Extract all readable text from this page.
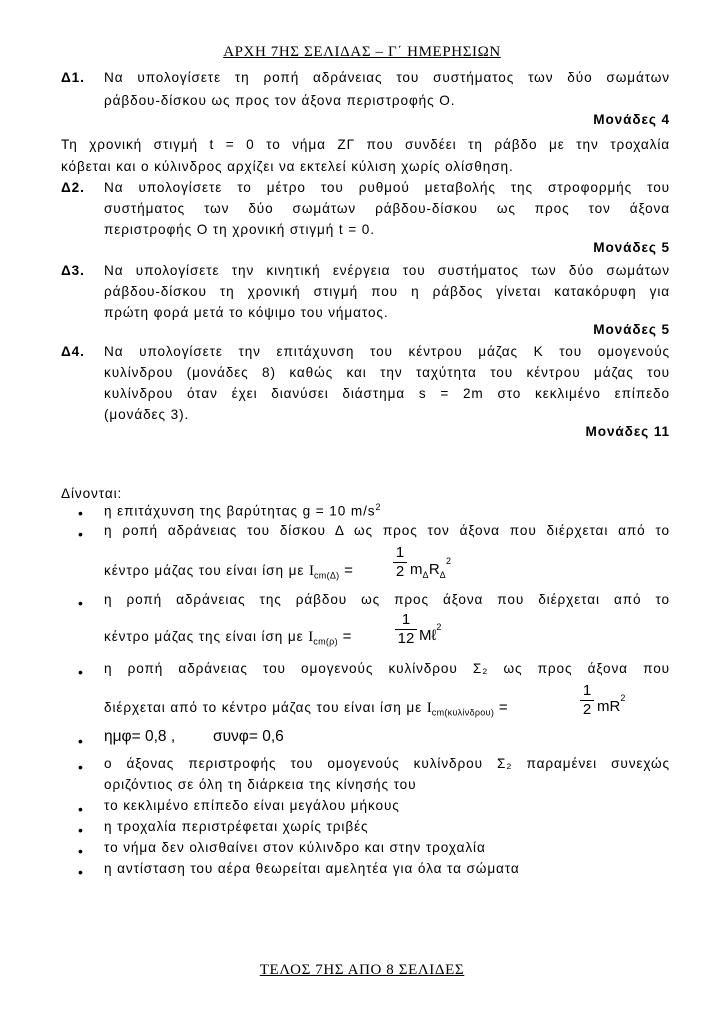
ΑΡΧΗ 7ΗΣ ΣΕΛΙΔΑΣ – Γ΄ ΗΜΕΡΗΣΙΩΝ
Δ1. Να υπολογίσετε τη ροπή αδράνειας του συστήματος των δύο σωμάτων
ράβδου-δίσκου ως προς τον άξονα περιστροφής Ο.
Μονάδες 4
Τη χρονική στιγμή t = 0 το νήμα ΖΓ που συνδέει τη ράβδο με την τροχαλία
κόβεται και ο κύλινδρος αρχίζει να εκτελεί κύλιση χωρίς ολίσθηση.
Δ2. Να υπολογίσετε το μέτρο του ρυθμού μεταβολής της στροφορμής του
συστήματος των δύο σωμάτων ράβδου-δίσκου ως προς τον άξονα
περιστροφής Ο τη χρονική στιγμή t = 0.
Μονάδες 5
Δ3. Να υπολογίσετε την κινητική ενέργεια του συστήματος των δύο σωμάτων
ράβδου-δίσκου τη χρονική στιγμή που η ράβδος γίνεται κατακόρυφη για
πρώτη φορά μετά το κόψιμο του νήματος.
Μονάδες 5
Δ4. Να υπολογίσετε την επιτάχυνση του κέντρου μάζας Κ του ομογενούς
κυλίνδρου (μονάδες 8) καθώς και την ταχύτητα του κέντρου μάζας του
κυλίνδρου όταν έχει διανύσει διάστημα s = 2m στο κεκλιμένο επίπεδο
(μονάδες 3).
Μονάδες 11
Δίνονται:
• η επιτάχυνση της βαρύτητας g = 10 $m/s^2$
• η ροπή αδράνειας του δίσκου Δ ως προς τον άξονα που διέρχεται από το
κέντρο μάζας του είναι ίση με $I_{cm(\Delta)}$ =
1
2 $m_\Delta R_\Delta^2$
• η ροπή αδράνειας της ράβδου ως προς άξονα που διέρχεται από το
κέντρο μάζας της είναι ίση με $I_{cm(\rho)}$ =
1
12 Mℓ$^2$
• η ροπή αδράνειας του ομογενούς κυλίνδρου Σ₂ ως προς άξονα που
διέρχεται από το κέντρο μάζας του είναι ίση με $I_{cm(\kappa\upsilon\lambda ί\nu\delta\rho o\upsilon)}$ =
1
2 $mR^2$
• ημφ= 0,8 , συνφ= 0,6
• ο άξονας περιστροφής του ομογενούς κυλίνδρου Σ₂ παραμένει συνεχώς
οριζόντιος σε όλη τη διάρκεια της κίνησής του
• το κεκλιμένο επίπεδο είναι μεγάλου μήκους
• η τροχαλία περιστρέφεται χωρίς τριβές
• το νήμα δεν ολισθαίνει στον κύλινδρο και στην τροχαλία
• η αντίσταση του αέρα θεωρείται αμελητέα για όλα τα σώματα
ΤΕΛΟΣ 7ΗΣ ΑΠΟ 8 ΣΕΛΙΔΕΣ
